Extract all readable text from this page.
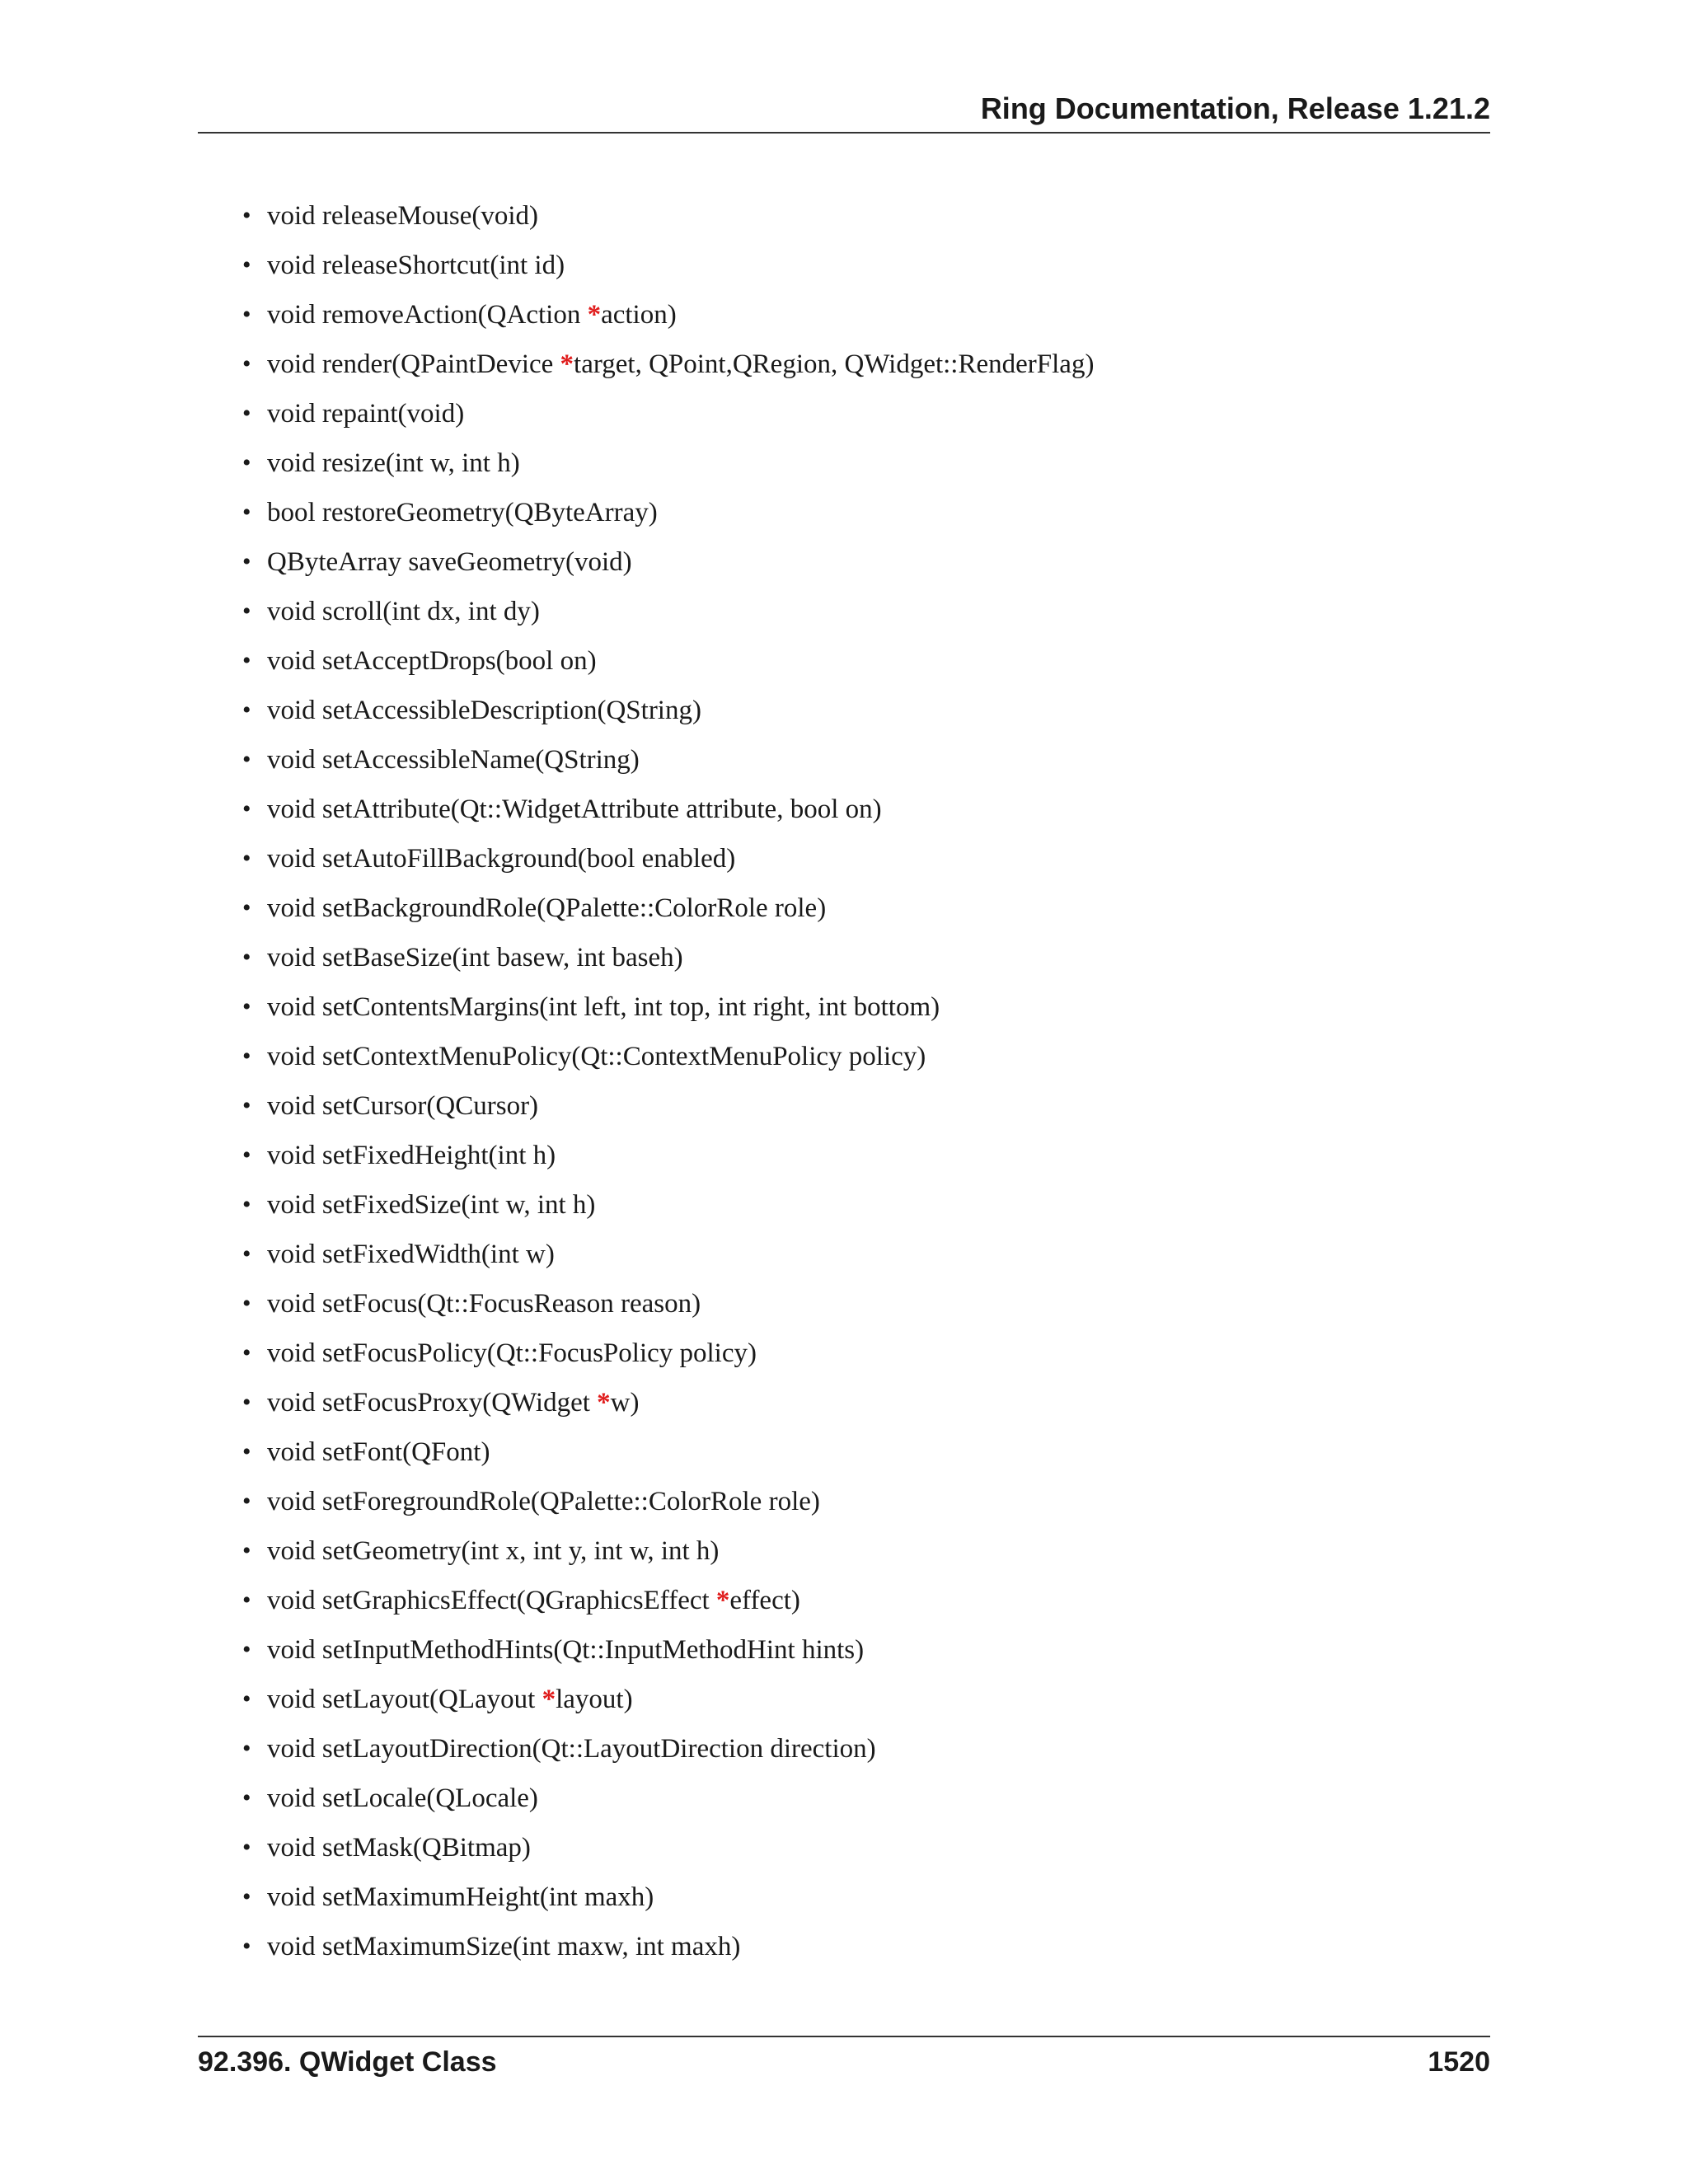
Ring Documentation, Release 1.21.2
• void releaseMouse(void)
• void releaseShortcut(int id)
• void removeAction(QAction *action)
• void render(QPaintDevice *target, QPoint,QRegion, QWidget::RenderFlag)
• void repaint(void)
• void resize(int w, int h)
• bool restoreGeometry(QByteArray)
• QByteArray saveGeometry(void)
• void scroll(int dx, int dy)
• void setAcceptDrops(bool on)
• void setAccessibleDescription(QString)
• void setAccessibleName(QString)
• void setAttribute(Qt::WidgetAttribute attribute, bool on)
• void setAutoFillBackground(bool enabled)
• void setBackgroundRole(QPalette::ColorRole role)
• void setBaseSize(int basew, int baseh)
• void setContentsMargins(int left, int top, int right, int bottom)
• void setContextMenuPolicy(Qt::ContextMenuPolicy policy)
• void setCursor(QCursor)
• void setFixedHeight(int h)
• void setFixedSize(int w, int h)
• void setFixedWidth(int w)
• void setFocus(Qt::FocusReason reason)
• void setFocusPolicy(Qt::FocusPolicy policy)
• void setFocusProxy(QWidget *w)
• void setFont(QFont)
• void setForegroundRole(QPalette::ColorRole role)
• void setGeometry(int x, int y, int w, int h)
• void setGraphicsEffect(QGraphicsEffect *effect)
• void setInputMethodHints(Qt::InputMethodHint hints)
• void setLayout(QLayout *layout)
• void setLayoutDirection(Qt::LayoutDirection direction)
• void setLocale(QLocale)
• void setMask(QBitmap)
• void setMaximumHeight(int maxh)
• void setMaximumSize(int maxw, int maxh)
92.396. QWidget Class	1520
